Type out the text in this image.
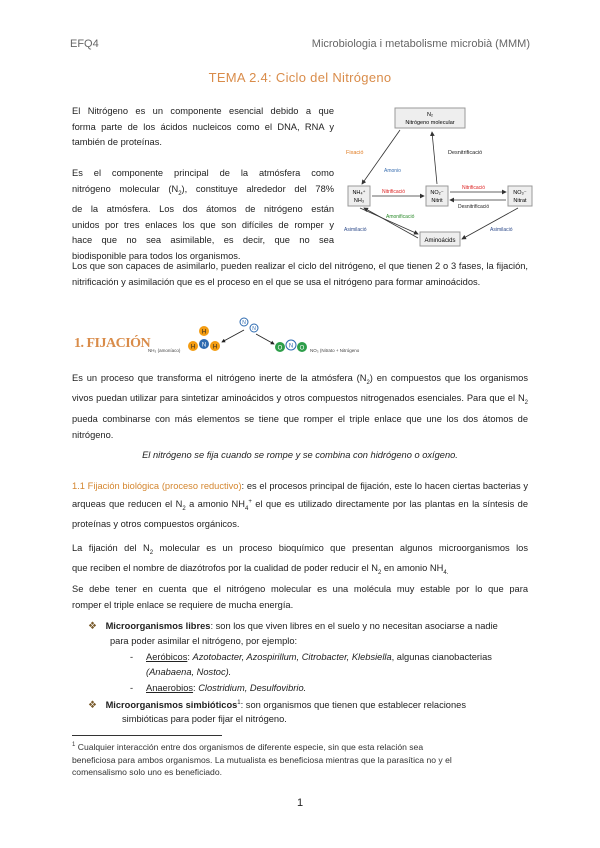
EFQ4	Microbiologia i metabolisme microbià (MMM)
TEMA 2.4: Ciclo del Nitrógeno
El Nitrógeno es un componente esencial debido a que
forma parte de los ácidos nucleicos como el DNA, RNA y
también de proteínas.
Es el componente principal de la atmósfera como
nitrógeno molecular $(N_2)$, constituye alrededor del 78%
de la atmósfera. Los dos átomos de nitrógeno están
unidos por tres enlaces los que son difíciles de romper y
hace que no sea asimilable, es decir, que no sea
biodisponible para todos los organismos.
N₂
Nitrógeno molecular
NH₄⁺
NH₃
NO₂⁻
Nitrit
NO₃⁻
Nitrat
Aminoácids
Fixació
Amonio
Desnitrificació
Nitrificació
Nitrificació
Desnitrificació
Amonificació
Asimilació	Asimilació
Los que son capaces de asimilarlo, pueden realizar el ciclo del nitrógeno, el que tienen 2 o 3 fases, la fijación, nitrificación y asimilación que es el proceso en el que se usa el nitrógeno para formar aminoácidos.
1. FIJACIÓN
H
N
H	H
NH₃ (amoníaco)
N
N
O N O NO₃ (Nitrato + Nitrógeno
Es un proceso que transforma el nitrógeno inerte de la atmósfera $(N_2)$ en compuestos que los organismos vivos puedan utilizar para sintetizar aminoácidos y otros compuestos nitrogenados esenciales. Para que el $N_2$ pueda combinarse con más elementos se tiene que romper el triple enlace que une los dos átomos de nitrógeno.
El nitrógeno se fija cuando se rompe y se combina con hidrógeno o oxígeno.
1.1 Fijación biológica (proceso reductivo): es el procesos principal de fijación, este lo hacen ciertas bacterias y arqueas que reducen el $N_2$ a amonio $NH_4^+$ el que es utilizado directamente por las plantas en la síntesis de proteínas y otros compuestos orgánicos.
La fijación del $N_2$ molecular es un proceso bioquímico que presentan algunos microorganismos los
que reciben el nombre de diazótrofos por la cualidad de poder reducir el $N_2$ en amonio $NH_{4.}$
Se debe tener en cuenta que el nitrógeno molecular es una molécula muy estable por lo que para
romper el triple enlace se requiere de mucha energía.
❖ Microorganismos libres: son los que viven libres en el suelo y no necesitan asociarse a nadie
para poder asimilar el nitrógeno, por ejemplo:
- Aeróbicos: Azotobacter, Azospirillum, Citrobacter, Klebsiella, algunas cianobacterias
(Anabaena, Nostoc).
- Anaerobios: Clostridium, Desulfovibrio.
❖ Microorganismos simbióticos$^1$: son organismos que tienen que establecer relaciones
simbióticas para poder fijar el nitrógeno.
$^1$ Cualquier interacción entre dos organismos de diferente especie, sin que esta relación sea
beneficiosa para ambos organismos. La mutualista es beneficiosa mientras que la parasítica no y el
comensalismo solo uno es beneficiado.
1
